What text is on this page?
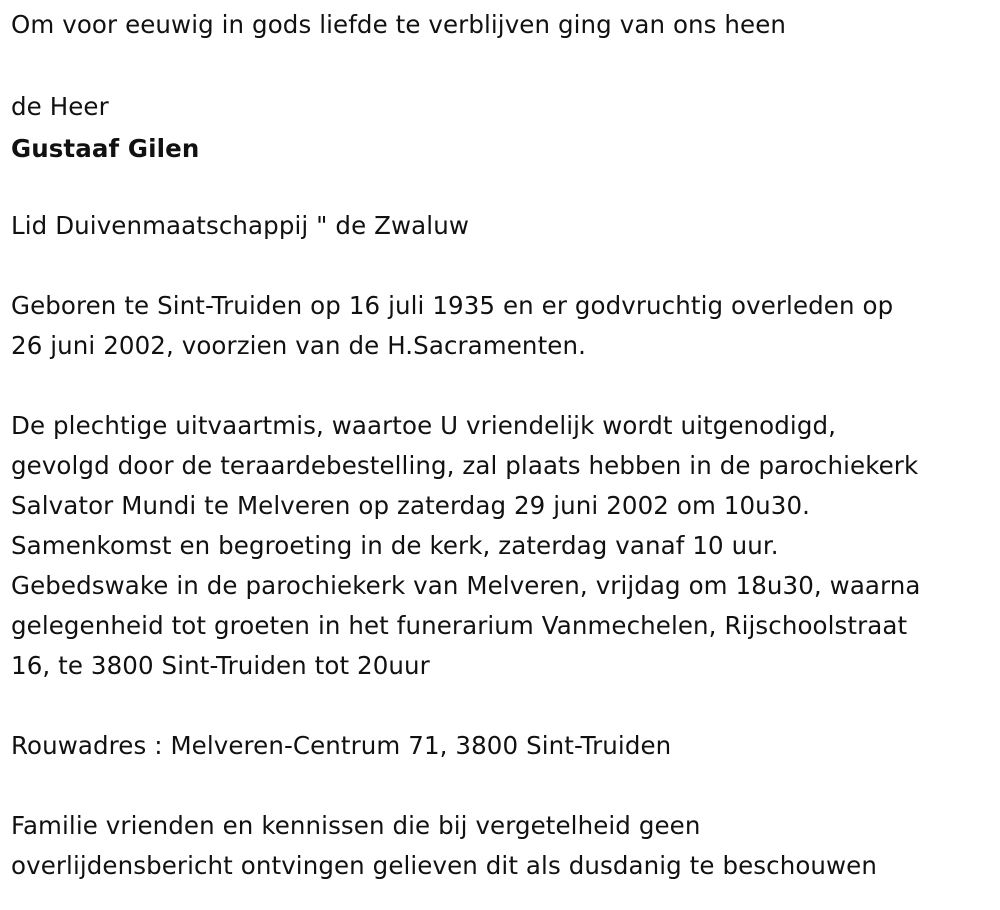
Om voor eeuwig in gods liefde te verblijven ging van ons heen
de Heer
Gustaaf Gilen
Lid Duivenmaatschappij " de Zwaluw
Geboren te Sint-Truiden op 16 juli 1935 en er godvruchtig overleden op
26 juni 2002, voorzien van de H.Sacramenten.
De plechtige uitvaartmis, waartoe U vriendelijk wordt uitgenodigd,
gevolgd door de teraardebestelling, zal plaats hebben in de parochiekerk
Salvator Mundi te Melveren op zaterdag 29 juni 2002 om 10u30.
Samenkomst en begroeting in de kerk, zaterdag vanaf 10 uur.
Gebedswake in de parochiekerk van Melveren, vrijdag om 18u30, waarna
gelegenheid tot groeten in het funerarium Vanmechelen, Rijschoolstraat
16, te 3800 Sint-Truiden tot 20uur
Rouwadres : Melveren-Centrum 71, 3800 Sint-Truiden
Familie vrienden en kennissen die bij vergetelheid geen
overlijdensbericht ontvingen gelieven dit als dusdanig te beschouwen
